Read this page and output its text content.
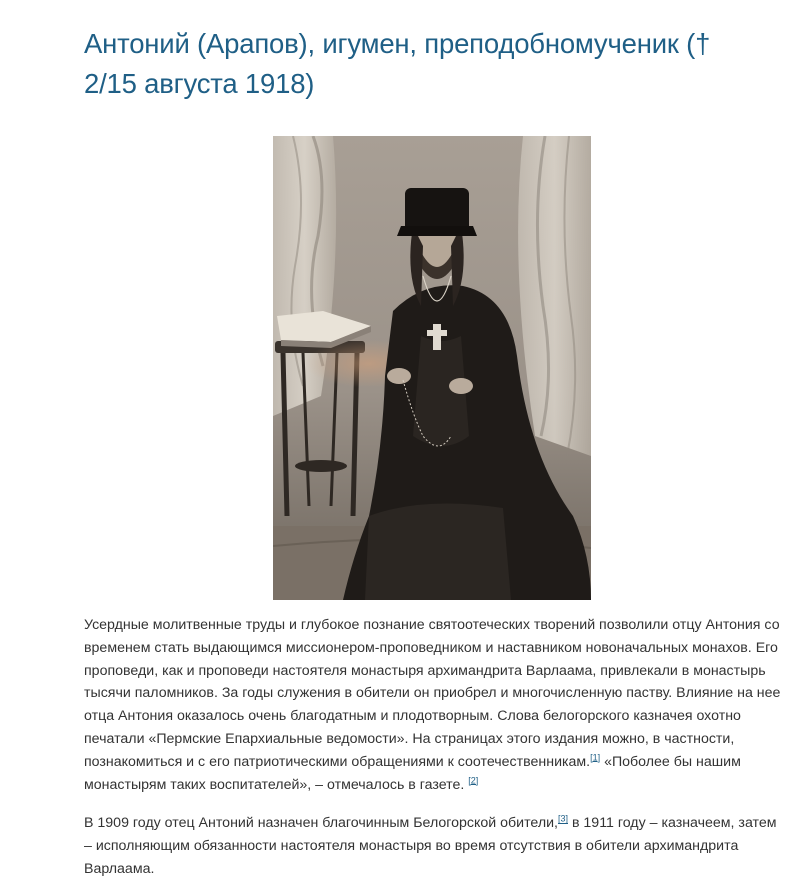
Антоний (Арапов), игумен, преподобномученик († 2/15 августа 1918)

Усердные молитвенные труды и глубокое познание святоотеческих творений позволили отцу Антония со временем стать выдающимся миссионером-проповедником и наставником новоначальных монахов. Его проповеди, как и проповеди настоятеля монастыря архимандрита Варлаама, привлекали в монастырь тысячи паломников. За годы служения в обители он приобрел и многочисленную паству. Влияние на нее отца Антония оказалось очень благодатным и плодотворным. Слова белогорского казначея охотно печатали «Пермские Епархиальные ведомости». На страницах этого издания можно, в частности, познакомиться и с его патриотическими обращениями к соотечественникам.[1] «Поболее бы нашим монастырям таких воспитателей», – отмечалось в газете. [2]

В 1909 году отец Антоний назначен благочинным Белогорской обители,[3] в 1911 году – казначеем, затем – исполняющим обязанности настоятеля монастыря во время отсутствия в обители архимандрита Варлаама.
